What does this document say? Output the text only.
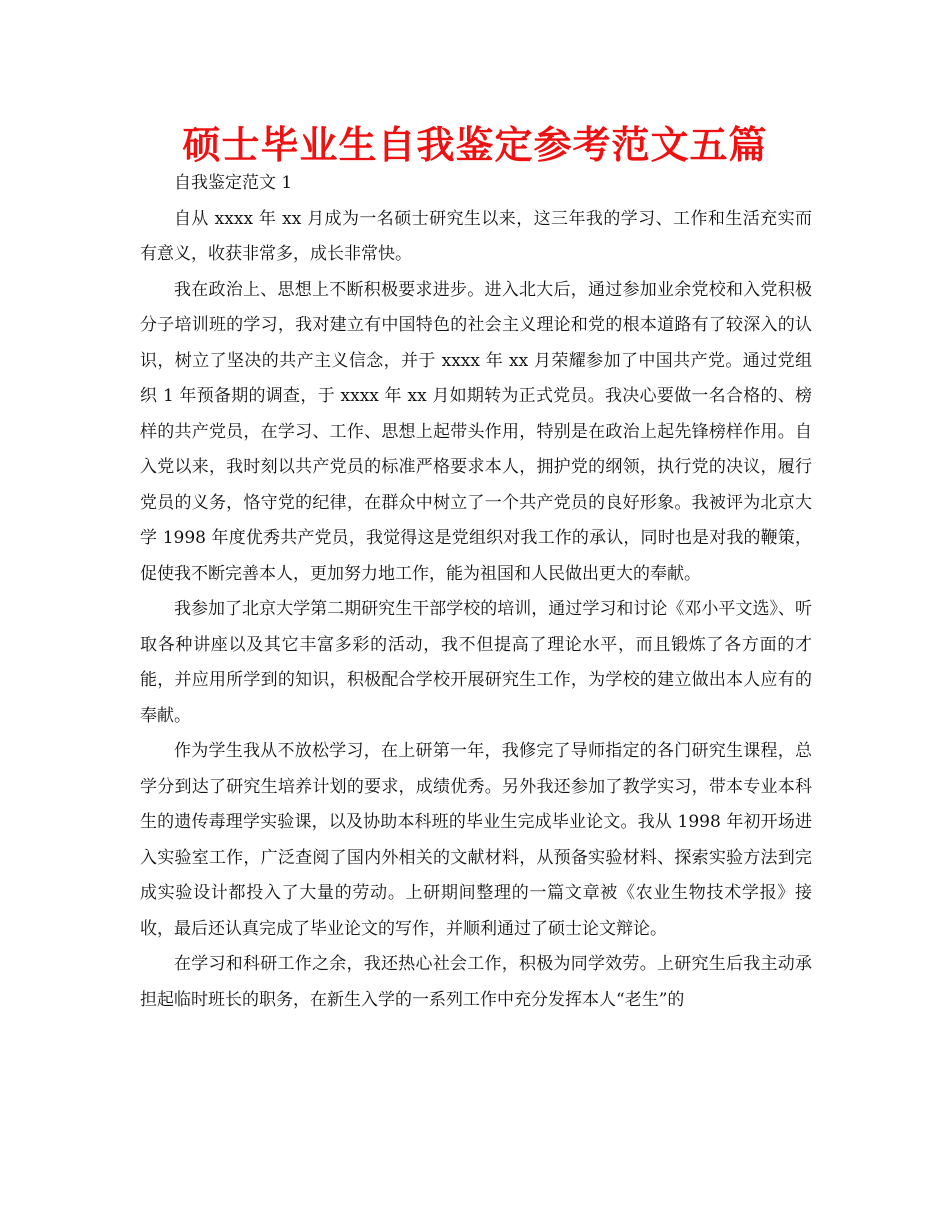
硕士毕业生自我鉴定参考范文五篇

自我鉴定范文 1

自从 xxxx 年 xx 月成为一名硕士研究生以来，这三年我的学习、工作和生活充实而有意义，收获非常多，成长非常快。

我在政治上、思想上不断积极要求进步。进入北大后，通过参加业余党校和入党积极分子培训班的学习，我对建立有中国特色的社会主义理论和党的根本道路有了较深入的认识，树立了坚决的共产主义信念，并于 xxxx 年 xx 月荣耀参加了中国共产党。通过党组织 1 年预备期的调查，于 xxxx 年 xx 月如期转为正式党员。我决心要做一名合格的、榜样的共产党员，在学习、工作、思想上起带头作用，特别是在政治上起先锋榜样作用。自入党以来，我时刻以共产党员的标准严格要求本人，拥护党的纲领，执行党的决议，履行党员的义务，恪守党的纪律，在群众中树立了一个共产党员的良好形象。我被评为北京大学 1998 年度优秀共产党员，我觉得这是党组织对我工作的承认，同时也是对我的鞭策，促使我不断完善本人，更加努力地工作，能为祖国和人民做出更大的奉献。

我参加了北京大学第二期研究生干部学校的培训，通过学习和讨论《邓小平文选》、听取各种讲座以及其它丰富多彩的活动，我不但提高了理论水平，而且锻炼了各方面的才能，并应用所学到的知识，积极配合学校开展研究生工作，为学校的建立做出本人应有的奉献。

作为学生我从不放松学习，在上研第一年，我修完了导师指定的各门研究生课程，总学分到达了研究生培养计划的要求，成绩优秀。另外我还参加了教学实习，带本专业本科生的遗传毒理学实验课，以及协助本科班的毕业生完成毕业论文。我从 1998 年初开场进入实验室工作，广泛查阅了国内外相关的文献材料，从预备实验材料、探索实验方法到完成实验设计都投入了大量的劳动。上研期间整理的一篇文章被《农业生物技术学报》接收，最后还认真完成了毕业论文的写作，并顺利通过了硕士论文辩论。

在学习和科研工作之余，我还热心社会工作，积极为同学效劳。上研究生后我主动承担起临时班长的职务，在新生入学的一系列工作中充分发挥本人“老生”的
